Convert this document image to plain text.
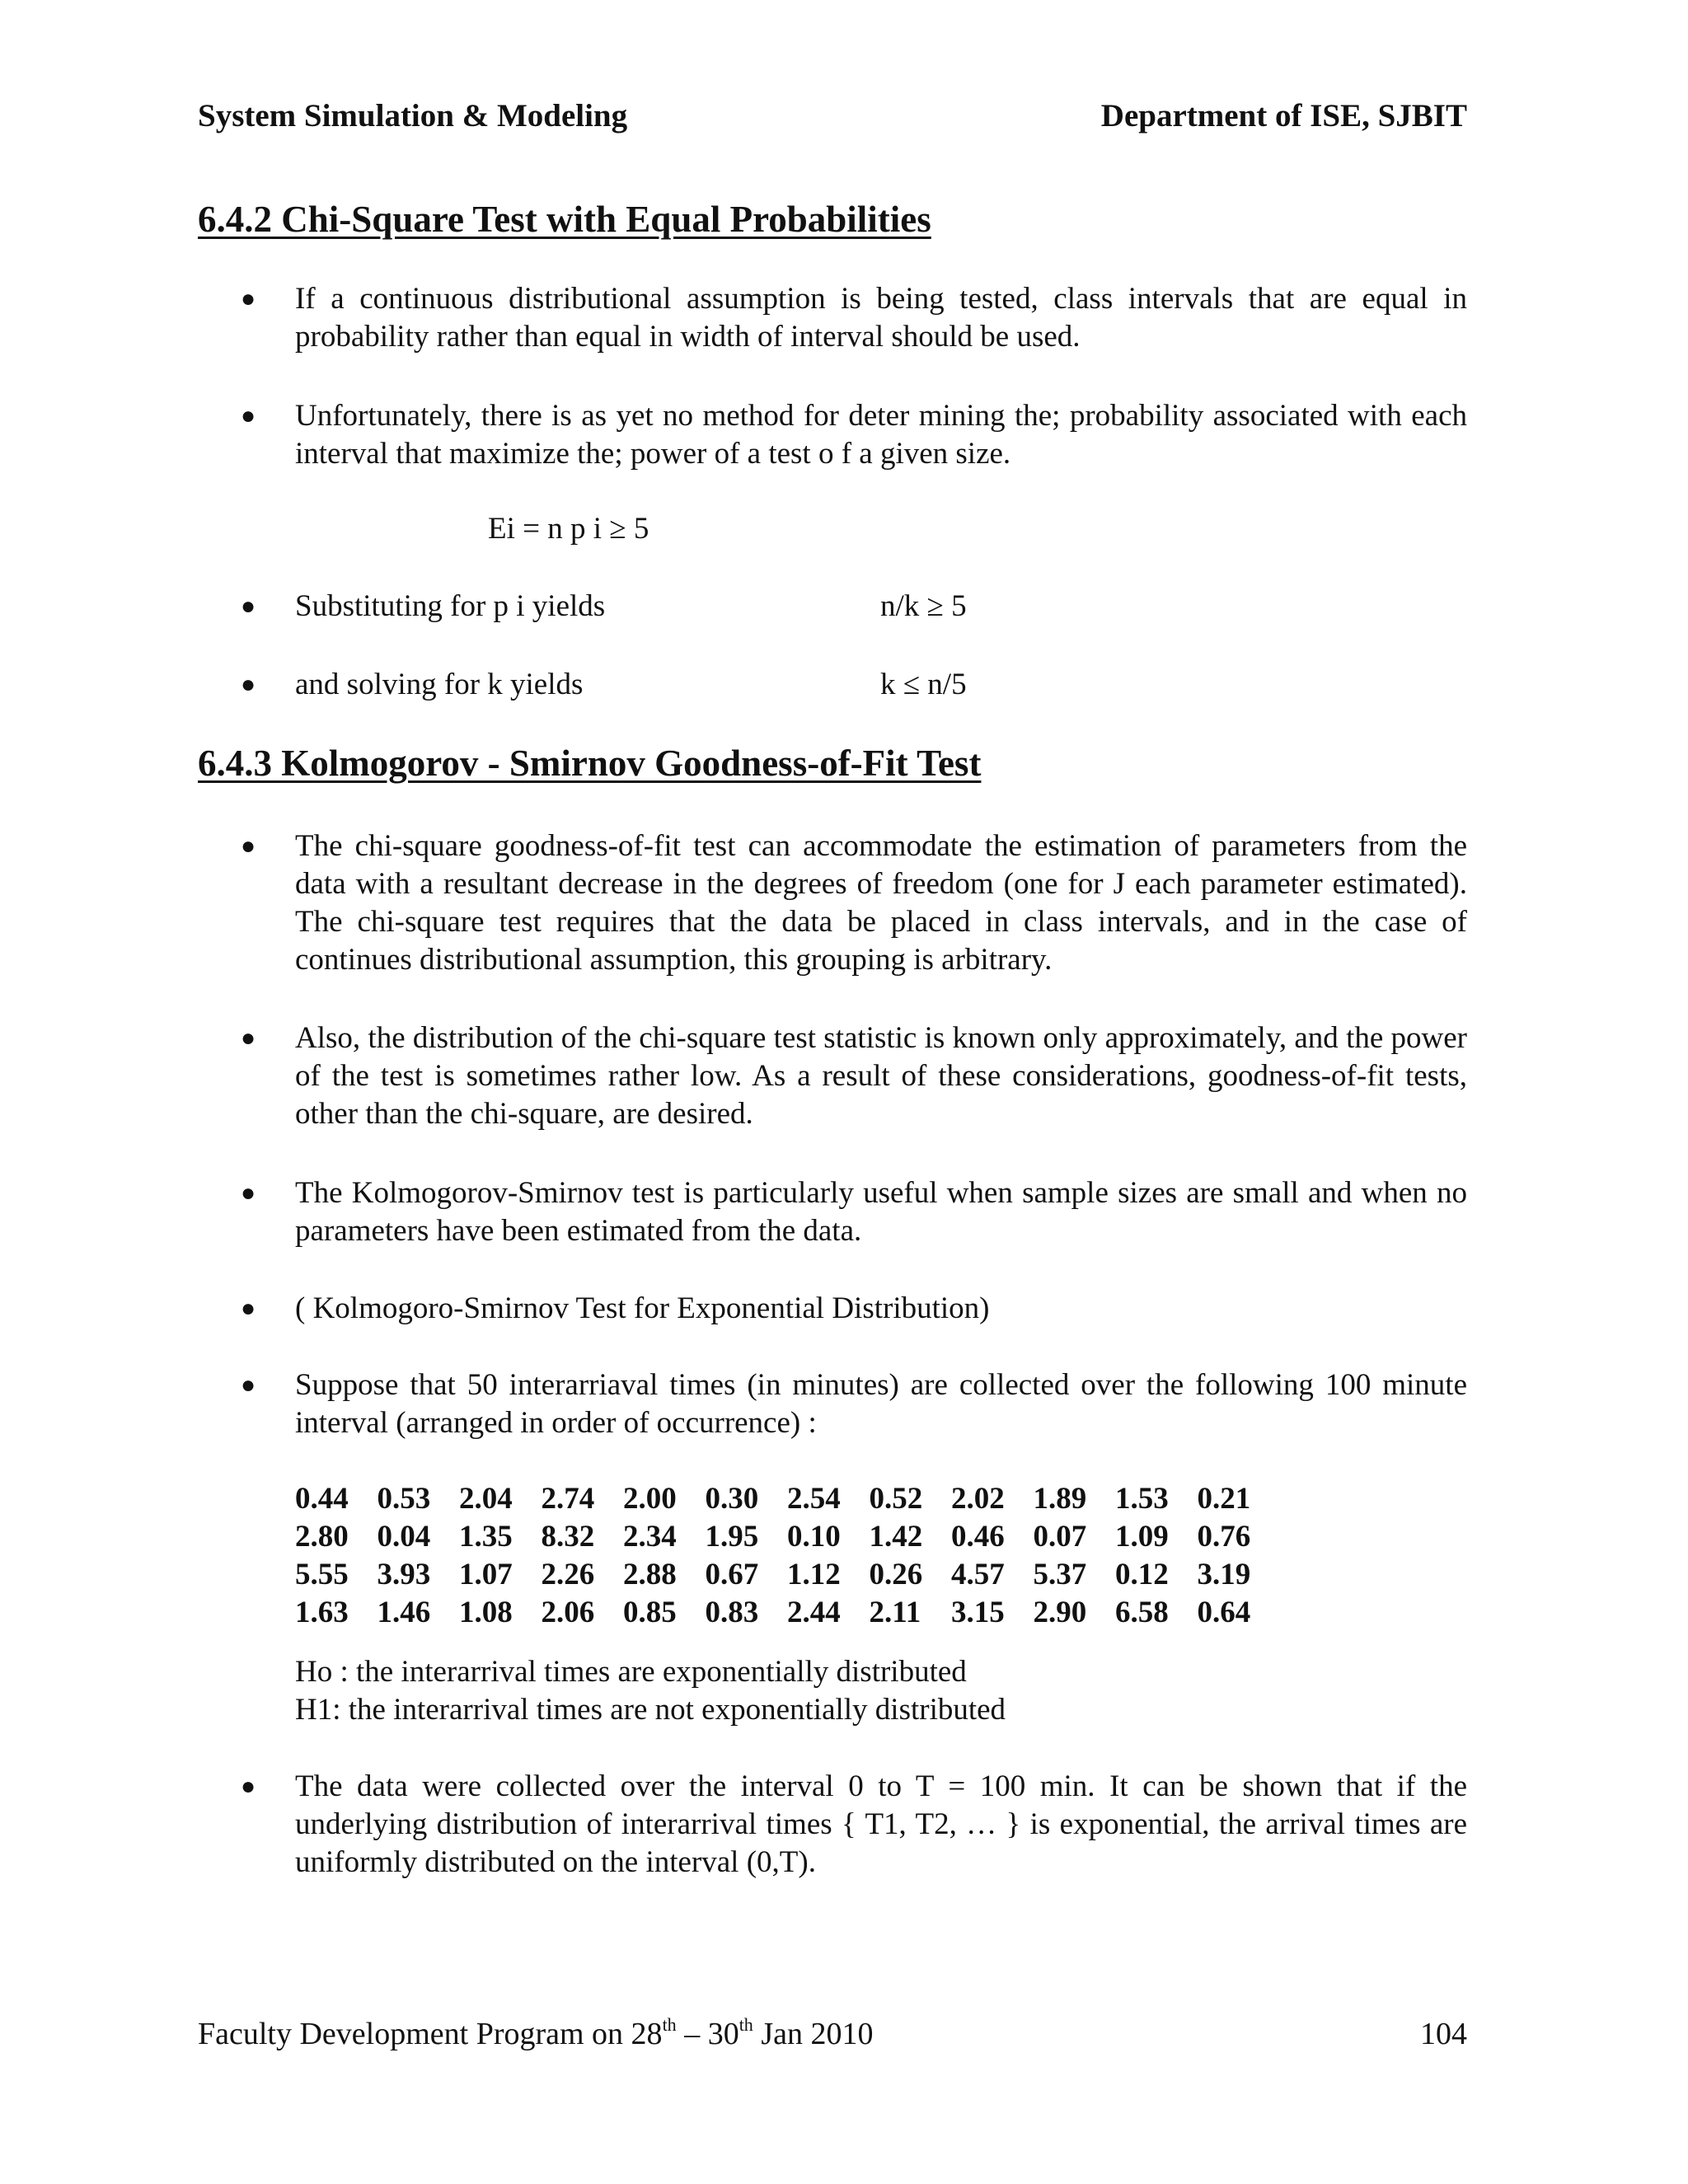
System Simulation & Modeling	Department of ISE, SJBIT
6.4.2 Chi-Square Test with Equal Probabilities
● If a continuous distributional assumption is being tested, class intervals that are equal in probability rather than equal in width of interval should be used.
● Unfortunately, there is as yet no method for deter mining the; probability associated with each interval that maximize the; power of a test o f a given size.
Ei = n p i ≥ 5
● Substituting for p i yields	n/k ≥ 5
● and solving for k yields	k ≤ n/5
6.4.3 Kolmogorov - Smirnov Goodness-of-Fit Test
● The chi-square goodness-of-fit test can accommodate the estimation of parameters from the data with a resultant decrease in the degrees of freedom (one for J each parameter estimated). The chi-square test requires that the data be placed in class intervals, and in the case of continues distributional assumption, this grouping is arbitrary.
● Also, the distribution of the chi-square test statistic is known only approximately, and the power of the test is sometimes rather low. As a result of these considerations, goodness-of-fit tests, other than the chi-square, are desired.
● The Kolmogorov-Smirnov test is particularly useful when sample sizes are small and when no parameters have been estimated from the data.
● ( Kolmogoro-Smirnov Test for Exponential Distribution)
● Suppose that 50 interarriaval times (in minutes) are collected over the following 100 minute interval (arranged in order of occurrence) :
0.44	0.53	2.04	2.74	2.00	0.30	2.54	0.52	2.02	1.89	1.53	0.21
2.80	0.04	1.35	8.32	2.34	1.95	0.10	1.42	0.46	0.07	1.09	0.76
5.55	3.93	1.07	2.26	2.88	0.67	1.12	0.26	4.57	5.37	0.12	3.19
1.63	1.46	1.08	2.06	0.85	0.83	2.44	2.11	3.15	2.90	6.58	0.64
Ho : the interarrival times are exponentially distributed
H1: the interarrival times are not exponentially distributed
● The data were collected over the interval 0 to T = 100 min. It can be shown that if the underlying distribution of interarrival times { T1, T2, … } is exponential, the arrival times are uniformly distributed on the interval (0,T).
Faculty Development Program on 28th – 30th Jan 2010	104
